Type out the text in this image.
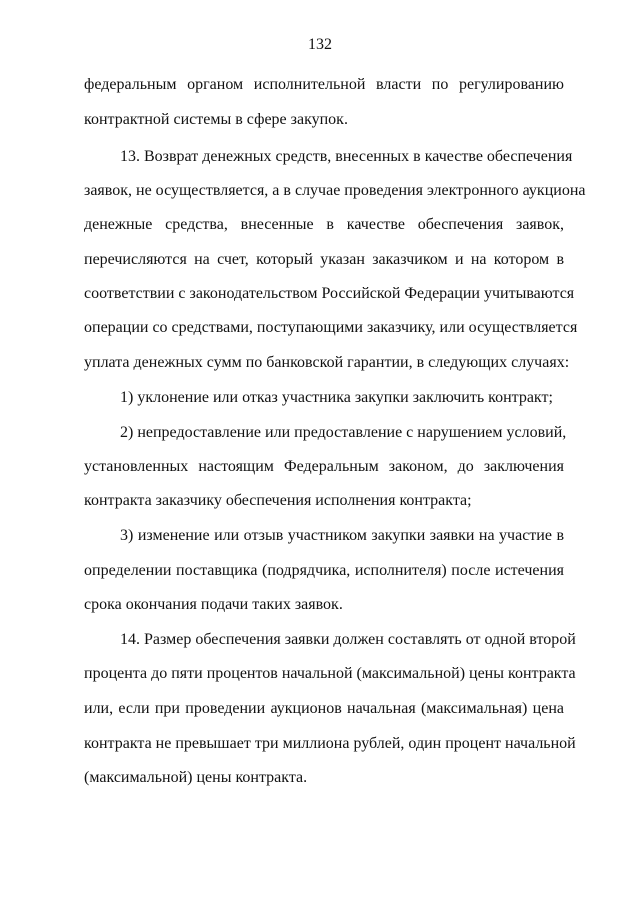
132
федеральным органом исполнительной власти по регулированию
контрактной системы в сфере закупок.
13. Возврат денежных средств, внесенных в качестве обеспечения
заявок, не осуществляется, а в случае проведения электронного аукциона
денежные средства, внесенные в качестве обеспечения заявок,
перечисляются на счет, который указан заказчиком и на котором в
соответствии с законодательством Российской Федерации учитываются
операции со средствами, поступающими заказчику, или осуществляется
уплата денежных сумм по банковской гарантии, в следующих случаях:
1) уклонение или отказ участника закупки заключить контракт;
2) непредоставление или предоставление с нарушением условий,
установленных настоящим Федеральным законом, до заключения
контракта заказчику обеспечения исполнения контракта;
3) изменение или отзыв участником закупки заявки на участие в
определении поставщика (подрядчика, исполнителя) после истечения
срока окончания подачи таких заявок.
14. Размер обеспечения заявки должен составлять от одной второй
процента до пяти процентов начальной (максимальной) цены контракта
или, если при проведении аукционов начальная (максимальная) цена
контракта не превышает три миллиона рублей, один процент начальной
(максимальной) цены контракта.
